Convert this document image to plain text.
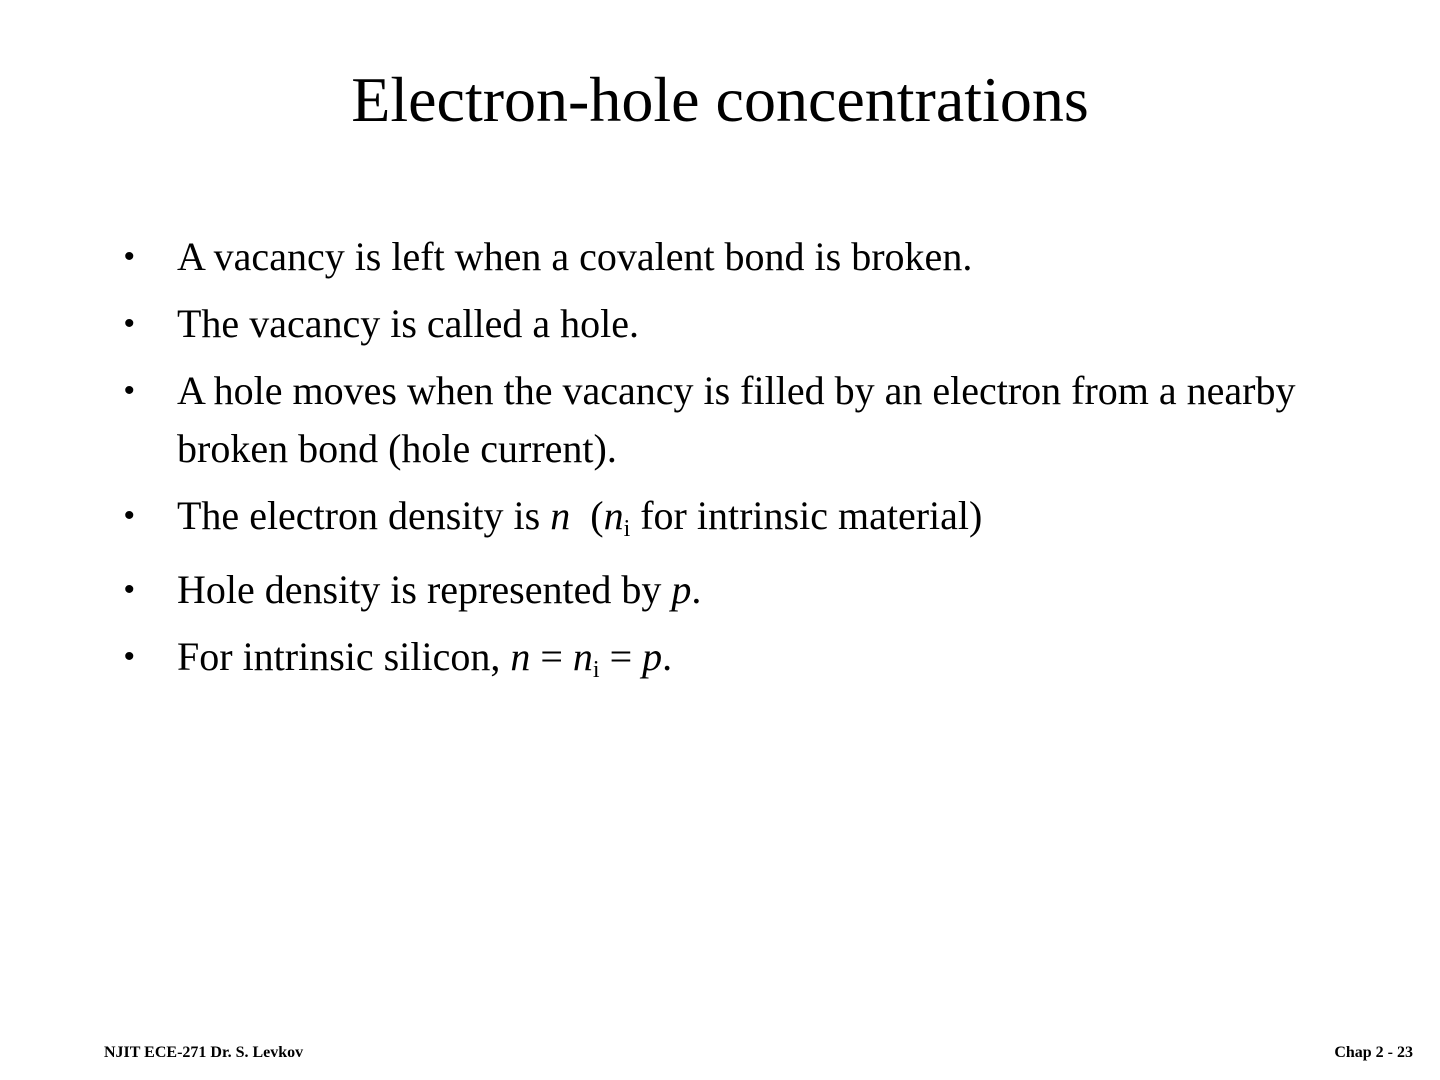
Electron-hole concentrations
• A vacancy is left when a covalent bond is broken.
• The vacancy is called a hole.
• A hole moves when the vacancy is filled by an electron from a nearby broken bond (hole current).
• The electron density is n  ($n_i$ for intrinsic material)
• Hole density is represented by p.
• For intrinsic silicon, $n = n_i = p$.
NJIT ECE-271 Dr. S. Levkov	Chap 2 - 23
